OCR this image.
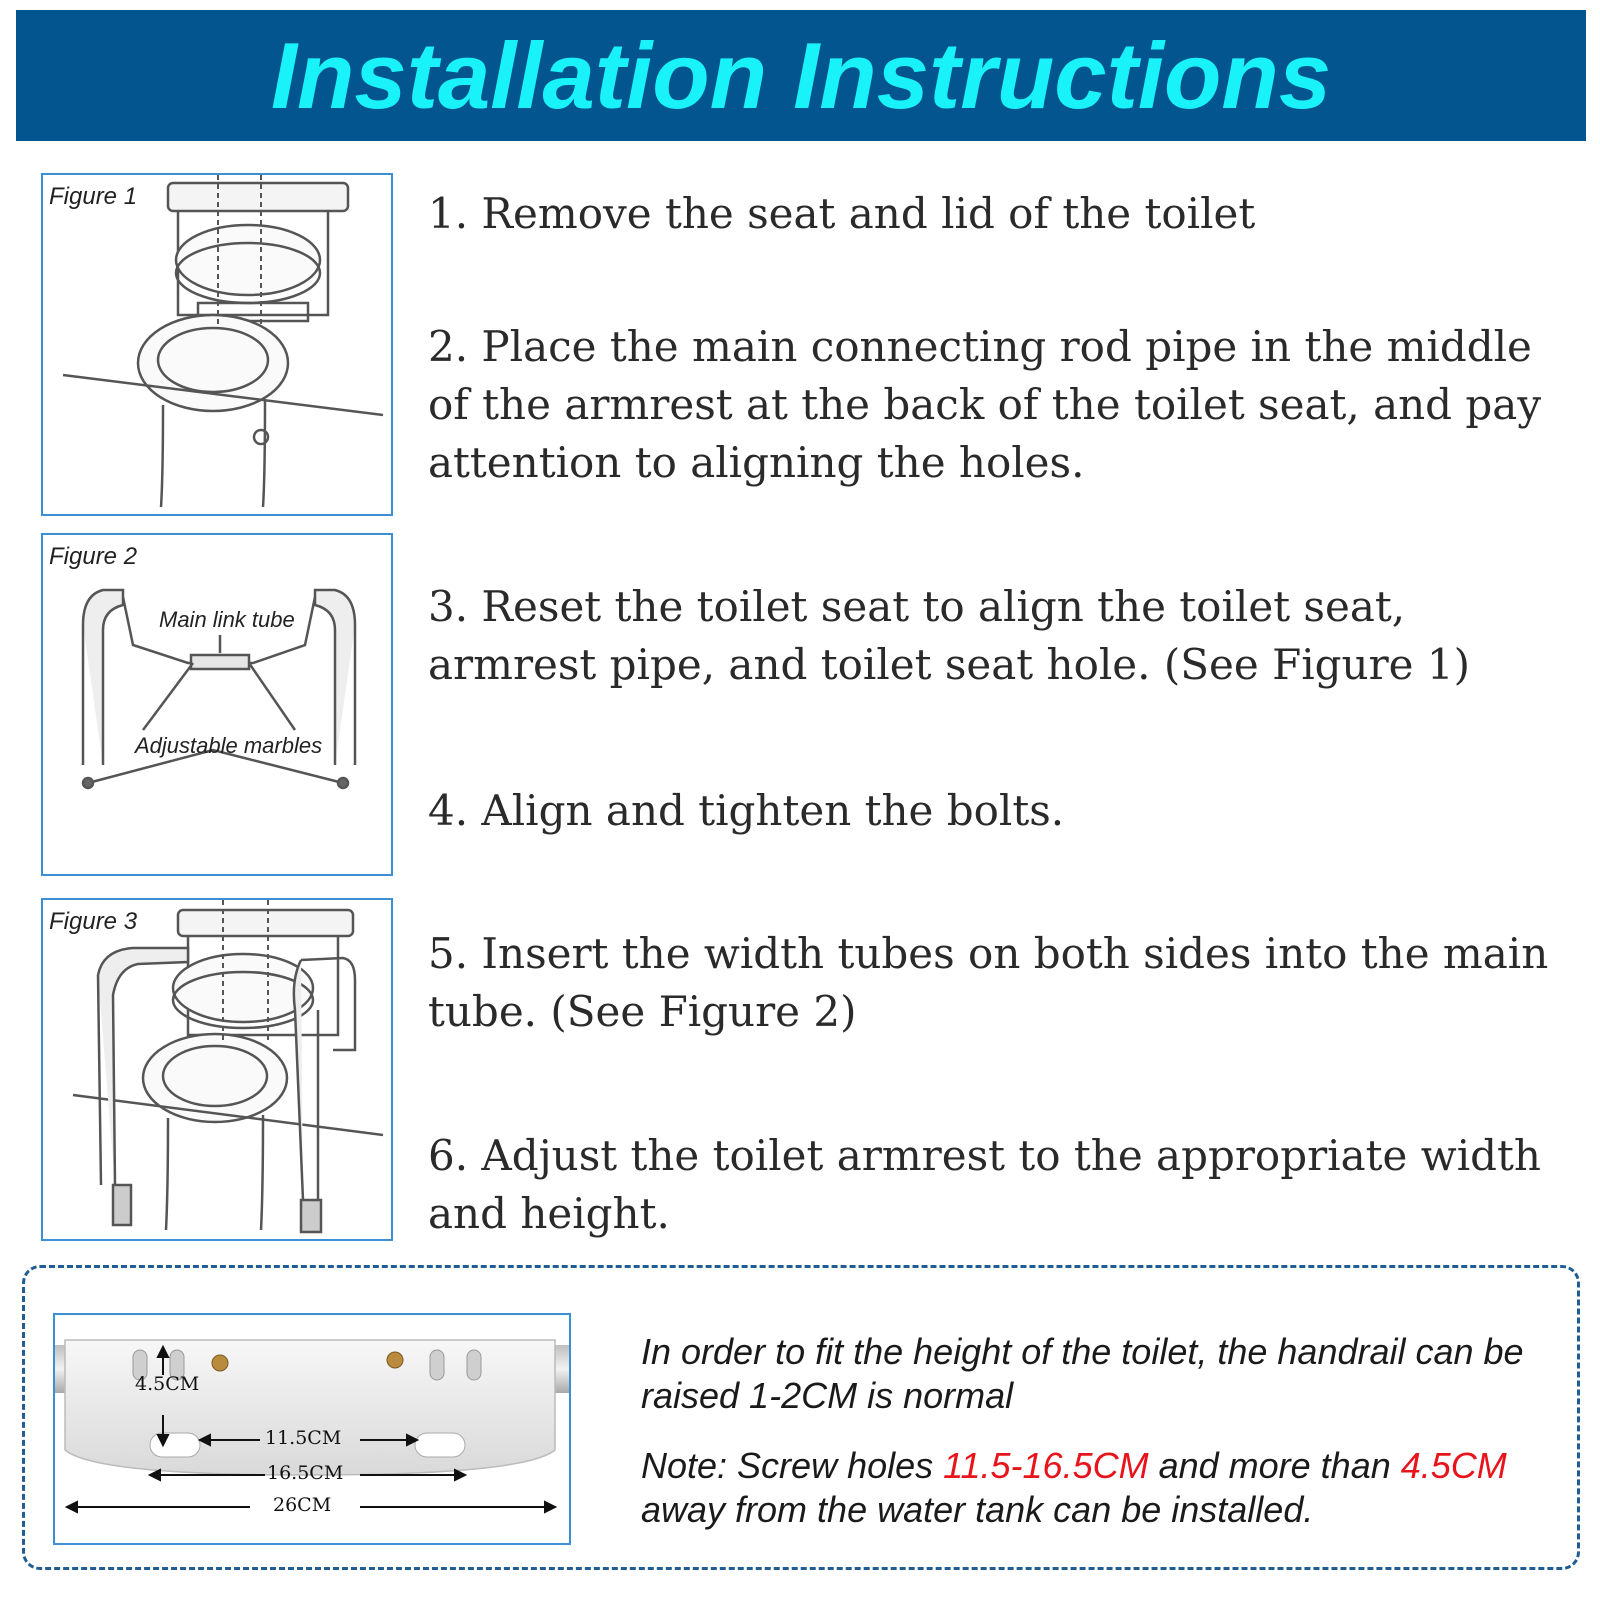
Installation Instructions
Figure 1
Figure 2
Main link tube
Adjustable marbles
Figure 3

1. Remove the seat and lid of the toilet

2. Place the main connecting rod pipe in the middle of the armrest at the back of the toilet seat, and pay attention to aligning the holes.

3. Reset the toilet seat to align the toilet seat, armrest pipe, and toilet seat hole. (See Figure 1)

4. Align and tighten the bolts.

5. Insert the width tubes on both sides into the main tube. (See Figure 2)

6. Adjust the toilet armrest to the appropriate width and height.

4.5CM
11.5CM
16.5CM
26CM

In order to fit the height of the toilet, the handrail can be raised 1-2CM is normal

Note: Screw holes 11.5-16.5CM and more than 4.5CM away from the water tank can be installed.
